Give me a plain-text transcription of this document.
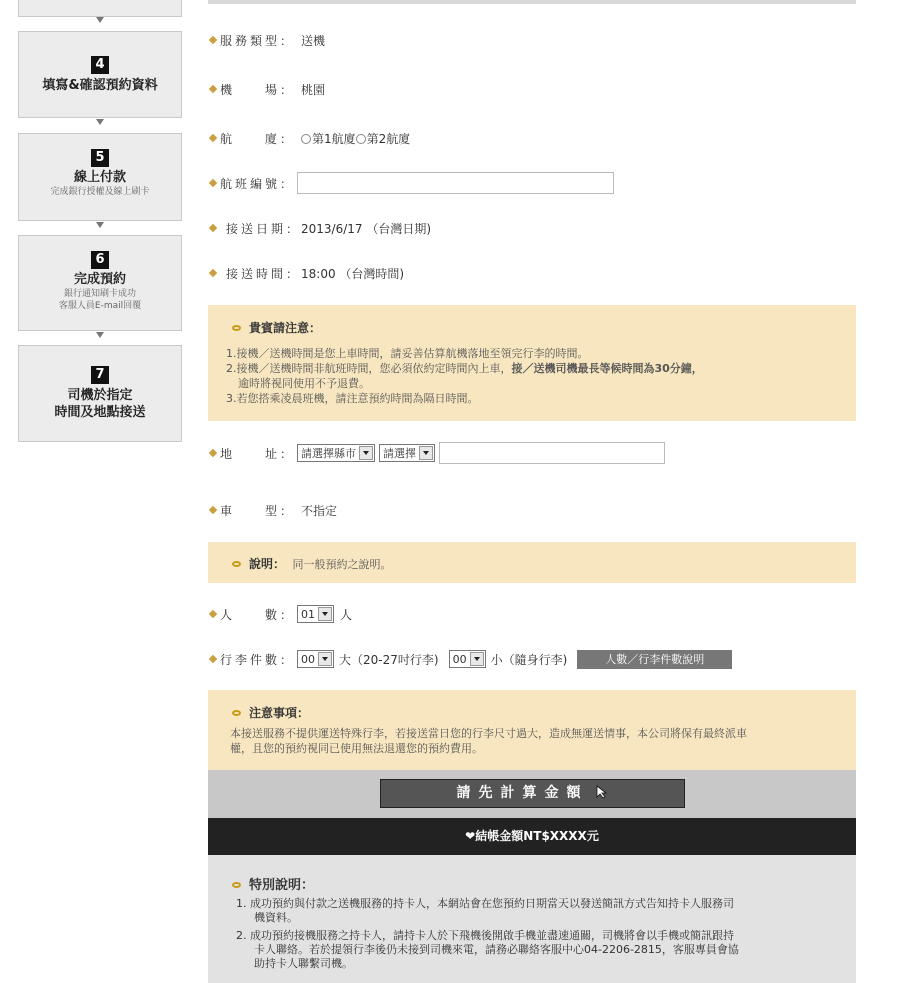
4
填寫&確認預約資料
5
線上付款
完成銀行授權及線上刷卡
6
完成預約
銀行通知刷卡成功
客服人員E-mail回覆
7
司機於指定
時間及地點接送
服務類型： 送機
機　　場： 桃園
航　　廈：	第1航廈 第2航廈
航班編號：
接送日期： 2013/6/17 （台灣日期)
接送時間： 18:00 （台灣時間)
貴賓請注意：
1.接機／送機時間是您上車時間，請妥善估算航機落地至領完行李的時間。
2.接機／送機時間非航班時間，您必須依約定時間內上車，接／送機司機最長等候時間為30分鐘，
逾時將視同使用不予退費。
3.若您搭乘凌晨班機，請注意預約時間為隔日時間。
地　　址： 請選擇縣市 請選擇
車　　型： 不指定
說明： 同一般預約之說明。
人　　數： 01 人
行李件數： 00 大（20-27吋行李) 00 小（隨身行李)	人數／行李件數說明
注意事項：
本接送服務不提供運送特殊行李，若接送當日您的行李尺寸過大，造成無運送情事，本公司將保有最終派車
權，且您的預約視同已使用無法退還您的預約費用。
請先計算金額
❤結帳金額NT$XXXX元
特別說明：
1. 成功預約與付款之送機服務的持卡人，本網站會在您預約日期當天以發送簡訊方式告知持卡人服務司
機資料。
2. 成功預約接機服務之持卡人，請持卡人於下飛機後開啟手機並盡速通關，司機將會以手機或簡訊跟持
卡人聯絡。若於提領行李後仍未接到司機來電，請務必聯絡客服中心04-2206-2815，客服專員會協
助持卡人聯繫司機。
